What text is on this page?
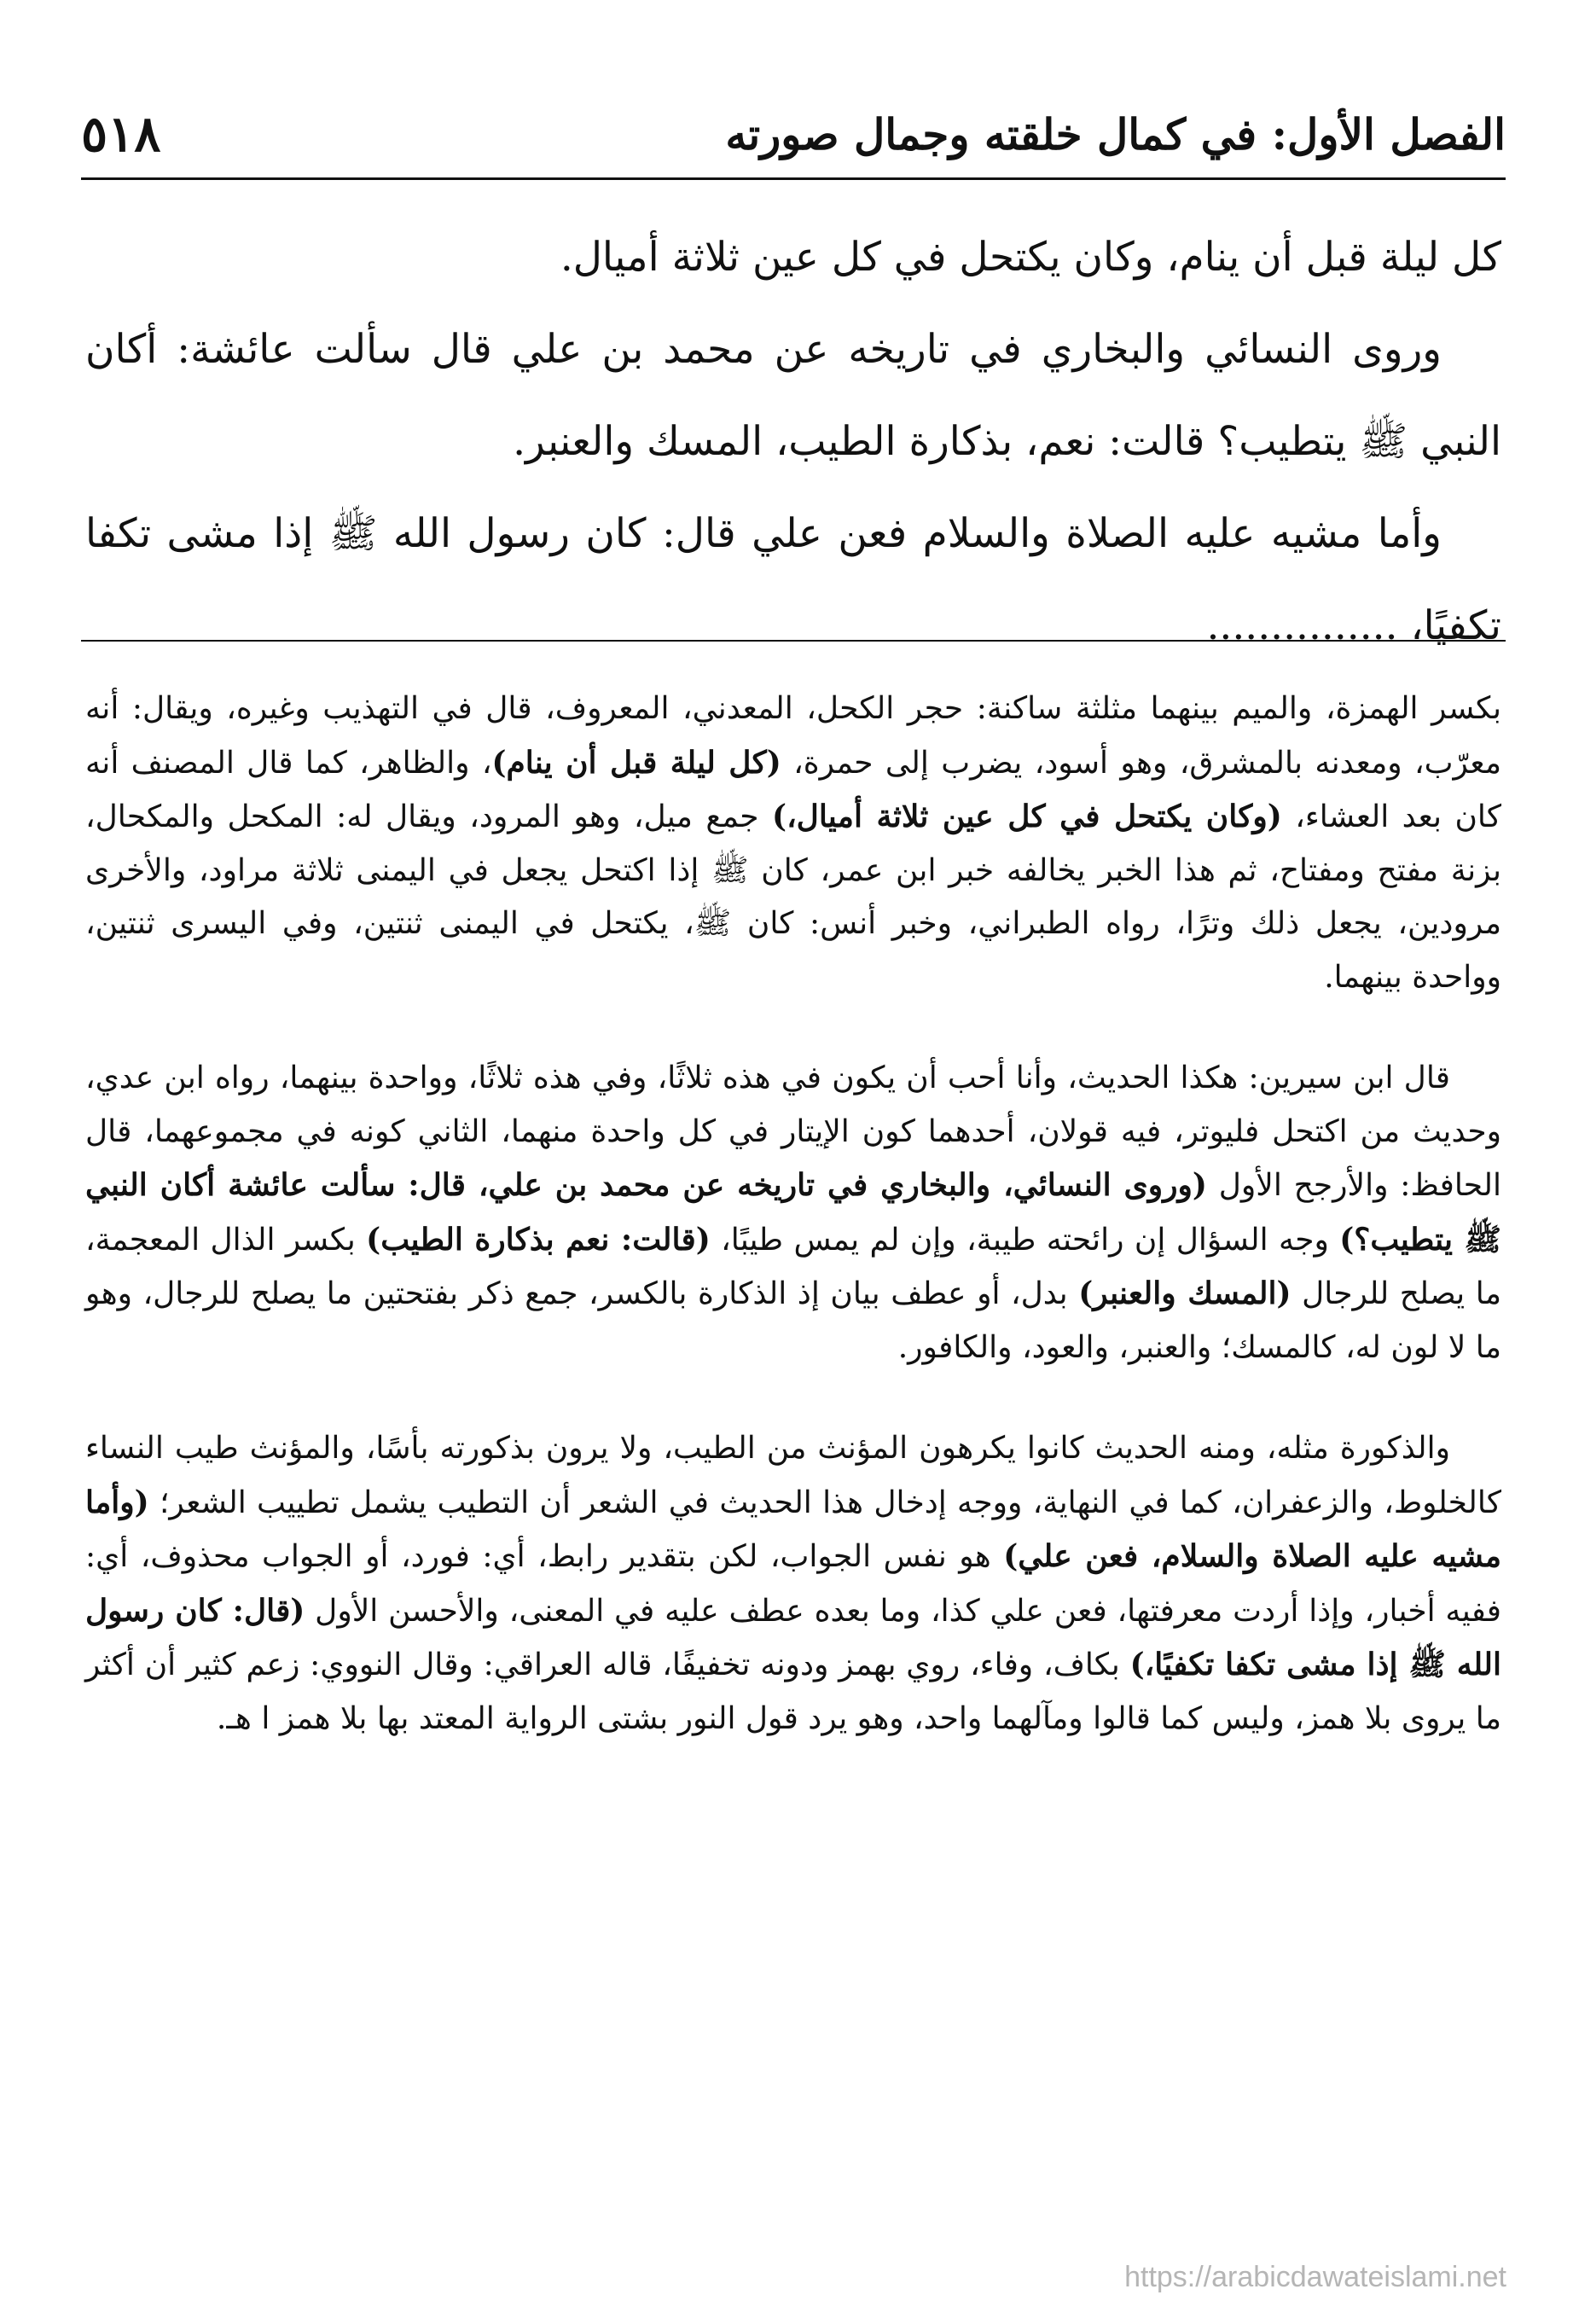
٥١٨	الفصل الأول: في كمال خلقته وجمال صورته

كل ليلة قبل أن ينام، وكان يكتحل في كل عين ثلاثة أميال.

وروى النسائي والبخاري في تاريخه عن محمد بن علي قال سألت عائشة: أكان النبي ﷺ يتطيب؟ قالت: نعم، بذكارة الطيب، المسك والعنبر.

وأما مشيه عليه الصلاة والسلام فعن علي قال: كان رسول الله ﷺ إذا مشى تكفا تكفيًا، ...............

بكسر الهمزة، والميم بينهما مثلثة ساكنة: حجر الكحل، المعدني، المعروف، قال في التهذيب وغيره، ويقال: أنه معرّب، ومعدنه بالمشرق، وهو أسود، يضرب إلى حمرة، (كل ليلة قبل أن ينام)، والظاهر، كما قال المصنف أنه كان بعد العشاء، (وكان يكتحل في كل عين ثلاثة أميال،) جمع ميل، وهو المرود، ويقال له: المكحل والمكحال، بزنة مفتح ومفتاح، ثم هذا الخبر يخالفه خبر ابن عمر، كان ﷺ إذا اكتحل يجعل في اليمنى ثلاثة مراود، والأخرى مرودين، يجعل ذلك وترًا، رواه الطبراني، وخبر أنس: كان ﷺ، يكتحل في اليمنى ثنتين، وفي اليسرى ثنتين، وواحدة بينهما.

قال ابن سيرين: هكذا الحديث، وأنا أحب أن يكون في هذه ثلاثًا، وفي هذه ثلاثًا، وواحدة بينهما، رواه ابن عدي، وحديث من اكتحل فليوتر، فيه قولان، أحدهما كون الإيتار في كل واحدة منهما، الثاني كونه في مجموعهما، قال الحافظ: والأرجح الأول (وروى النسائي، والبخاري في تاريخه عن محمد بن علي، قال: سألت عائشة أكان النبي ﷺ يتطيب؟) وجه السؤال إن رائحته طيبة، وإن لم يمس طيبًا، (قالت: نعم بذكارة الطيب) بكسر الذال المعجمة، ما يصلح للرجال (المسك والعنبر) بدل، أو عطف بيان إذ الذكارة بالكسر، جمع ذكر بفتحتين ما يصلح للرجال، وهو ما لا لون له، كالمسك؛ والعنبر، والعود، والكافور.

والذكورة مثله، ومنه الحديث كانوا يكرهون المؤنث من الطيب، ولا يرون بذكورته بأسًا، والمؤنث طيب النساء كالخلوط، والزعفران، كما في النهاية، ووجه إدخال هذا الحديث في الشعر أن التطيب يشمل تطييب الشعر؛ (وأما مشيه عليه الصلاة والسلام، فعن علي) هو نفس الجواب، لكن بتقدير رابط، أي: فورد، أو الجواب محذوف، أي: ففيه أخبار، وإذا أردت معرفتها، فعن علي كذا، وما بعده عطف عليه في المعنى، والأحسن الأول (قال: كان رسول الله ﷺ إذا مشى تكفا تكفيًا،) بكاف، وفاء، روي بهمز ودونه تخفيفًا، قاله العراقي: وقال النووي: زعم كثير أن أكثر ما يروى بلا همز، وليس كما قالوا ومآلهما واحد، وهو يرد قول النور بشتى الرواية المعتد بها بلا همز ا هـ.

https://arabicdawateislami.net
